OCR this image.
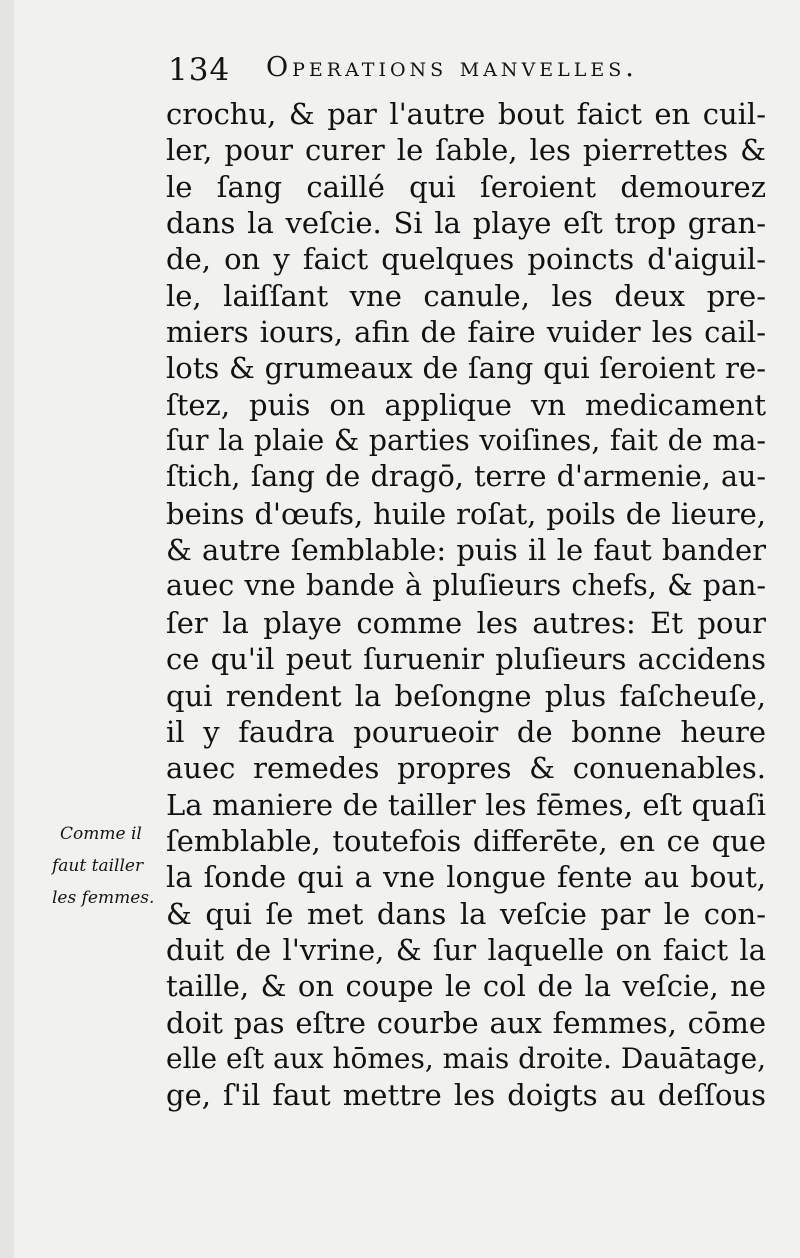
134 Operations manvelles.
Comme il
faut tailler
les femmes.
crochu, & par l'autre bout faict en cuil-
ler, pour curer le ſable, les pierrettes &
le ſang caillé qui ſeroient demourez
dans la veſcie. Si la playe eſt trop gran-
de, on y faict quelques poincts d'aiguil-
le, laiſſant vne canule, les deux pre-
miers iours, afin de faire vuider les cail-
lots & grumeaux de ſang qui ſeroient re-
ſtez, puis on applique vn medicament
ſur la plaie & parties voiſines, fait de ma-
ſtich, ſang de dragō, terre d'armenie, au-
beins d'œufs, huile roſat, poils de lieure,
& autre ſemblable: puis il le faut bander
auec vne bande à pluſieurs chefs, & pan-
ſer la playe comme les autres: Et pour
ce qu'il peut ſuruenir pluſieurs accidens
qui rendent la beſongne plus faſcheuſe,
il y faudra pourueoir de bonne heure
auec remedes propres & conuenables.
La maniere de tailler les fēmes, eſt quaſi
ſemblable, toutefois differēte, en ce que
la ſonde qui a vne longue fente au bout,
& qui ſe met dans la veſcie par le con-
duit de l'vrine, & ſur laquelle on faict la
taille, & on coupe le col de la veſcie, ne
doit pas eſtre courbe aux femmes, cōme
elle eſt aux hōmes, mais droite. Dauātage,
ge, ſ'il faut mettre les doigts au deſſous
